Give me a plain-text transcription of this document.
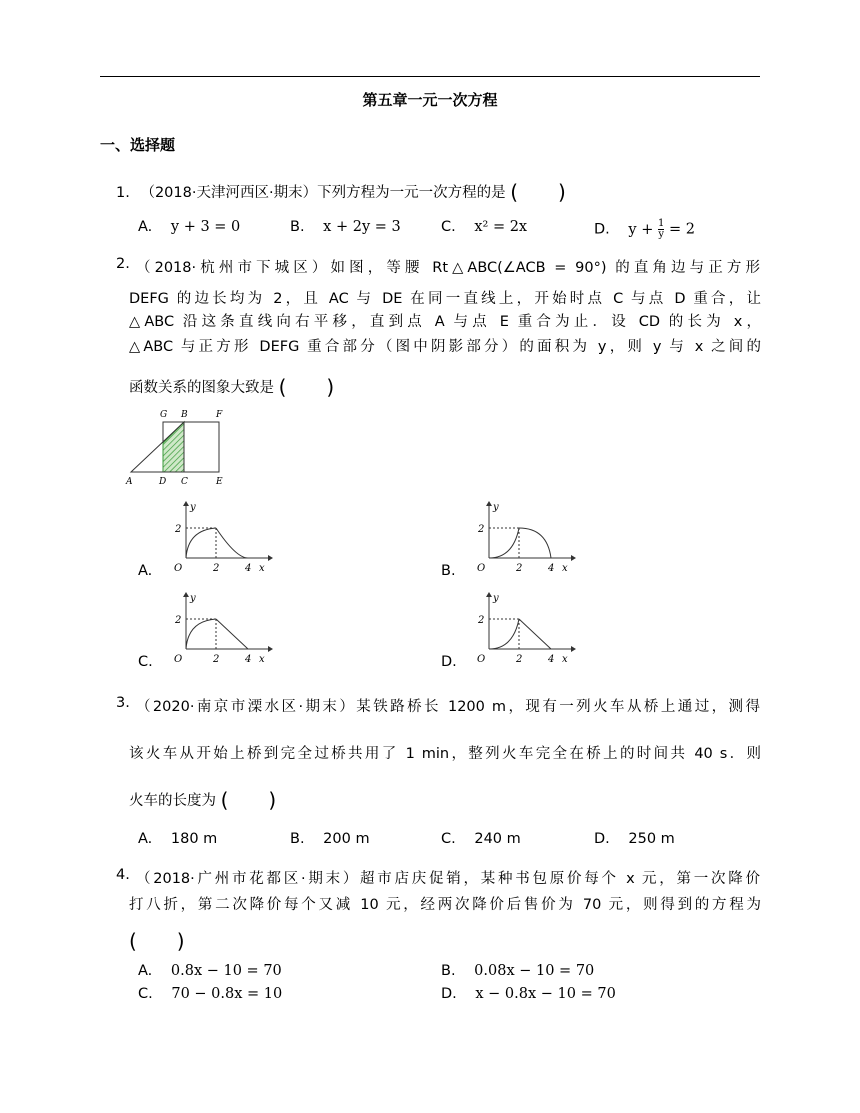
第五章一元一次方程
一、选择题
1. （2018·天津河西区·期末）下列方程为一元一次方程的是 (　　)
A. y + 3 = 0	B. x + 2y = 3	C. x² = 2x	D. $y + \frac{1}{y} = 2$
2. （2018·杭州市下城区）如图，等腰 Rt△ABC(∠ACB = 90°) 的直角边与正方形
DEFG 的边长均为 2，且 AC 与 DE 在同一直线上，开始时点 C 与点 D 重合，让
△ABC 沿这条直线向右平移，直到点 A 与点 E 重合为止．设 CD 的长为 x，
△ABC 与正方形 DEFG 重合部分（图中阴影部分）的面积为 y，则 y 与 x 之间的
函数关系的图象大致是 (　　)
G B	F
A	D C	E
A.
2
2	4
O	x
y
B.
2
2	4
O	x
y
C.
2
2	4
O	x
y
D.
2
2	4
O	x
y
3. （2020·南京市溧水区·期末）某铁路桥长 1200 m，现有一列火车从桥上通过，测得
该火车从开始上桥到完全过桥共用了 1 min，整列火车完全在桥上的时间共 40 s．则
火车的长度为 (　　)
A. 180 m	B. 200 m	C. 240 m	D. 250 m
4. （2018·广州市花都区·期末）超市店庆促销，某种书包原价每个 x 元，第一次降价
打八折，第二次降价每个又减 10 元，经两次降价后售价为 70 元，则得到的方程为
(　　)
A. 0.8x − 10 = 70	B. 0.08x − 10 = 70
C. 70 − 0.8x = 10	D. x − 0.8x − 10 = 70
